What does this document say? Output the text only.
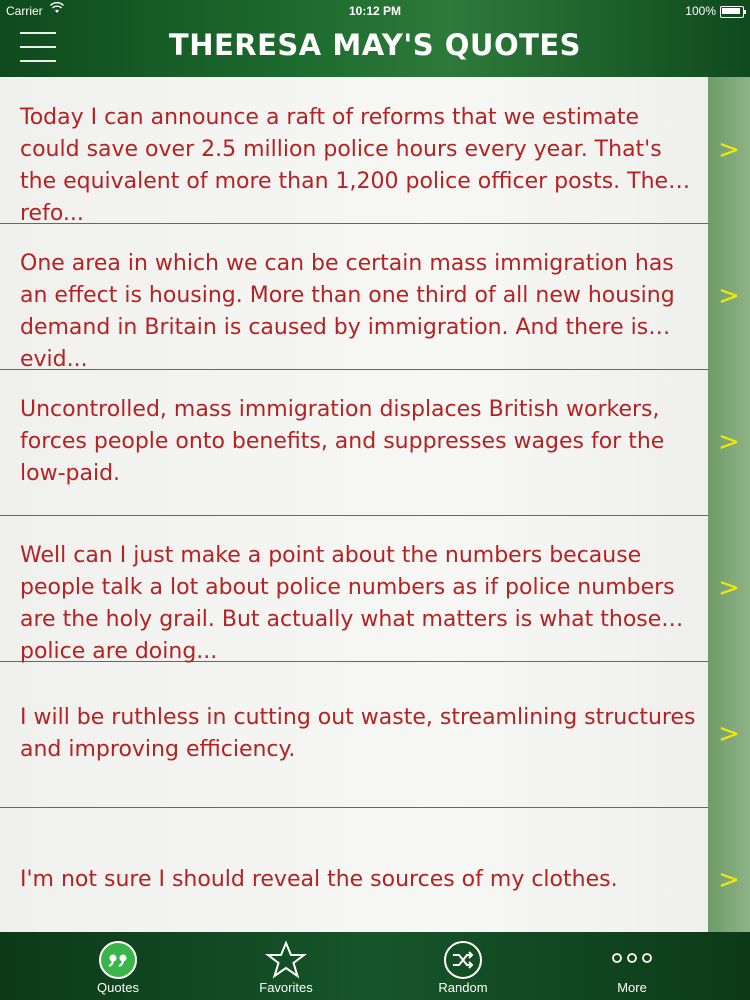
Carrier	10:12 PM	100%
THERESA MAY'S QUOTES
Today I can announce a raft of reforms that we estimate could save over 2.5 million police hours every year. That's the equivalent of more than 1,200 police officer posts. These refo...
>
One area in which we can be certain mass immigration has an effect is housing. More than one third of all new housing demand in Britain is caused by immigration. And there is evid...
>
Uncontrolled, mass immigration displaces British workers, forces people onto benefits, and suppresses wages for the low-paid.
>
Well can I just make a point about the numbers because people talk a lot about police numbers as if police numbers are the holy grail. But actually what matters is what those police are doing...
>
I will be ruthless in cutting out waste, streamlining structures and improving efficiency.
>
I'm not sure I should reveal the sources of my clothes.	>
Quotes	Favorites	Random	More
